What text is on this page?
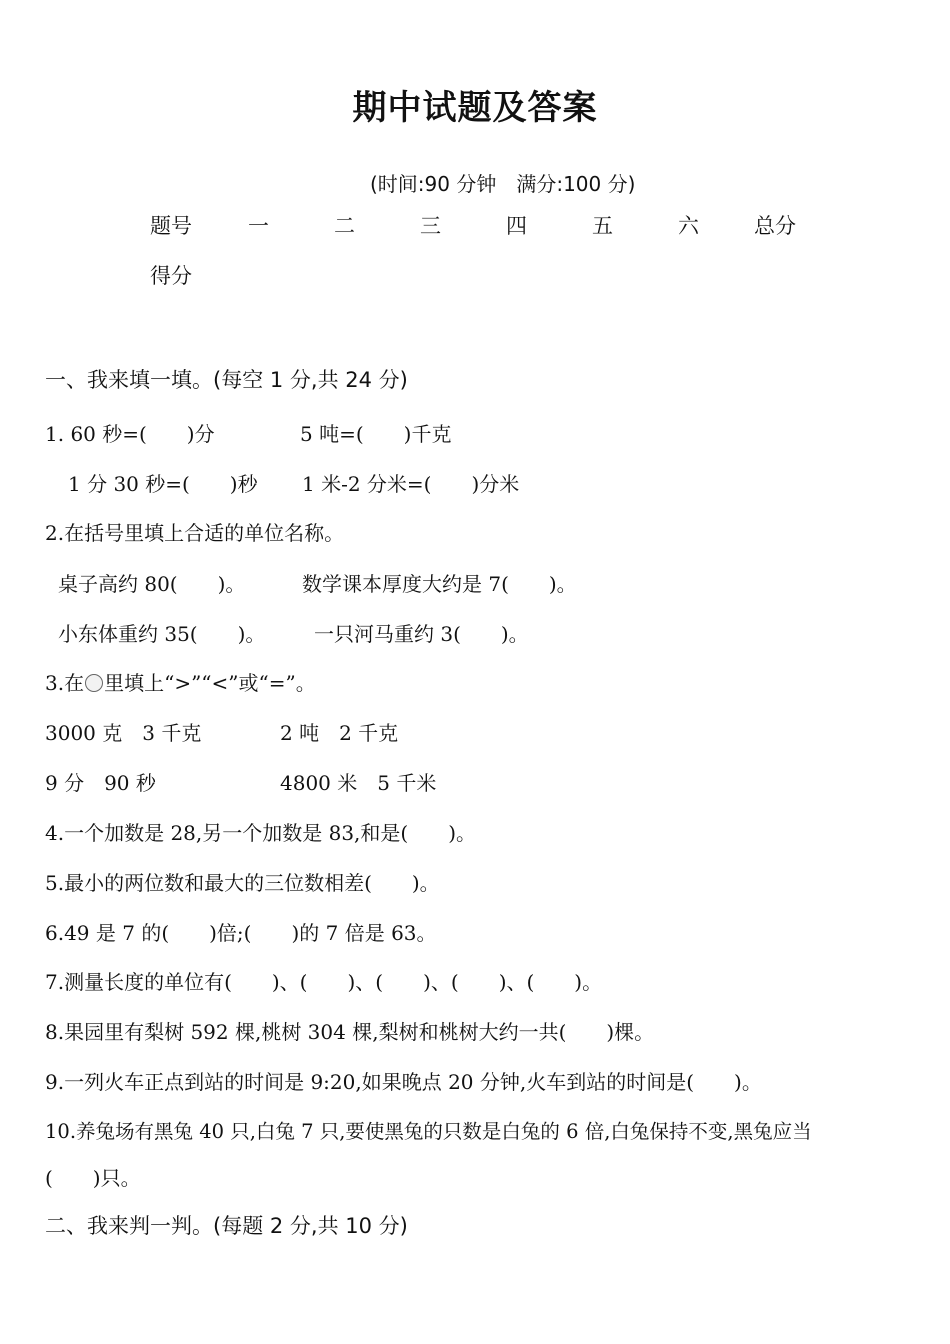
期中试题及答案
(时间:90 分钟　满分:100 分)
题号	一	二	三	四	五	六	总分
得分
一、我来填一填。(每空 1 分,共 24 分)
1. 60 秒=(　　)分	5 吨=(　　)千克
1 分 30 秒=(　　)秒 1 米-2 分米=(　　)分米
2.在括号里填上合适的单位名称。
桌子高约 80(　　)。	数学课本厚度大约是 7(　　)。
小东体重约 35(　　)。 一只河马重约 3(　　)。
3.在 里填上“>”“<”或“=”。
3000 克　3 千克	2 吨　2 千克
9 分　90 秒	4800 米　5 千米
4.一个加数是 28,另一个加数是 83,和是(　　)。
5.最小的两位数和最大的三位数相差(　　)。
6.49 是 7 的(　　)倍;(　　)的 7 倍是 63。
7.测量长度的单位有(　　)、(　　)、(　　)、(　　)、(　　)。
8.果园里有梨树 592 棵,桃树 304 棵,梨树和桃树大约一共(　　)棵。
9.一列火车正点到站的时间是 9:20,如果晚点 20 分钟,火车到站的时间是(　　)。
10.养兔场有黑兔 40 只,白兔 7 只,要使黑兔的只数是白兔的 6 倍,白兔保持不变,黑兔应当
(　　)只。
二、我来判一判。(每题 2 分,共 10 分)
